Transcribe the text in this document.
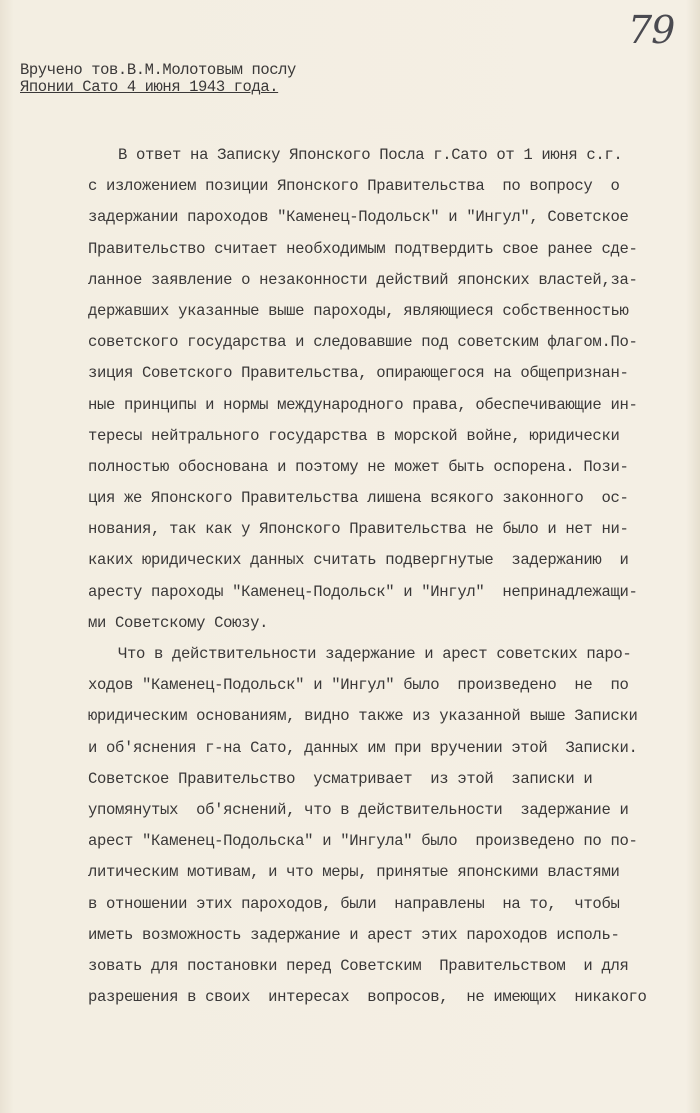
79
Вручено тов.В.М.Молотовым послу
Японии Сато 4 июня 1943 года.
В ответ на Записку Японского Посла г.Сато от 1 июня с.г.
с изложением позиции Японского Правительства  по вопросу  о
задержании пароходов "Каменец-Подольск" и "Ингул", Советское
Правительство считает необходимым подтвердить свое ранее сде-
ланное заявление о незаконности действий японских властей,за-
державших указанные выше пароходы, являющиеся собственностью
советского государства и следовавшие под советским флагом.По-
зиция Советского Правительства, опирающегося на общепризнан-
ные принципы и нормы международного права, обеспечивающие ин-
тересы нейтрального государства в морской войне, юридически
полностью обоснована и поэтому не может быть оспорена. Пози-
ция же Японского Правительства лишена всякого законного  ос-
нования, так как у Японского Правительства не было и нет ни-
каких юридических данных считать подвергнутые  задержанию  и
аресту пароходы "Каменец-Подольск" и "Ингул"  непринадлежащи-
ми Советскому Союзу.
Что в действительности задержание и арест советских паро-
ходов "Каменец-Подольск" и "Ингул" было  произведено  не  по
юридическим основаниям, видно также из указанной выше Записки
и об'яснения г-на Сато, данных им при вручении этой  Записки.
Советское Правительство  усматривает  из этой  записки и
упомянутых  об'яснений, что в действительности  задержание и
арест "Каменец-Подольска" и "Ингула" было  произведено по по-
литическим мотивам, и что меры, принятые японскими властями
в отношении этих пароходов, были  направлены  на то,  чтобы
иметь возможность задержание и арест этих пароходов исполь-
зовать для постановки перед Советским  Правительством  и для
разрешения в своих  интересах  вопросов,  не имеющих  никакого
